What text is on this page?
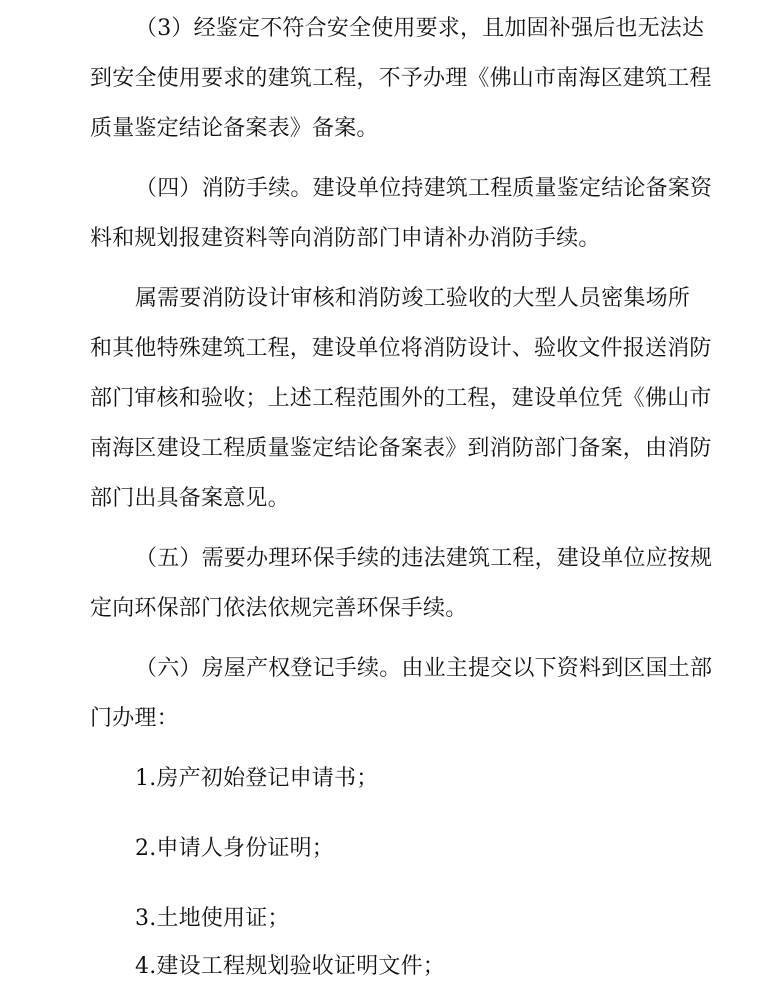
（3）经鉴定不符合安全使用要求，且加固补强后也无法达
到安全使用要求的建筑工程，不予办理《佛山市南海区建筑工程
质量鉴定结论备案表》备案。
（四）消防手续。建设单位持建筑工程质量鉴定结论备案资
料和规划报建资料等向消防部门申请补办消防手续。
属需要消防设计审核和消防竣工验收的大型人员密集场所
和其他特殊建筑工程，建设单位将消防设计、验收文件报送消防
部门审核和验收；上述工程范围外的工程，建设单位凭《佛山市
南海区建设工程质量鉴定结论备案表》到消防部门备案，由消防
部门出具备案意见。
（五）需要办理环保手续的违法建筑工程，建设单位应按规
定向环保部门依法依规完善环保手续。
（六）房屋产权登记手续。由业主提交以下资料到区国土部
门办理：
1.房产初始登记申请书；
2.申请人身份证明；
3.土地使用证；
4.建设工程规划验收证明文件；
